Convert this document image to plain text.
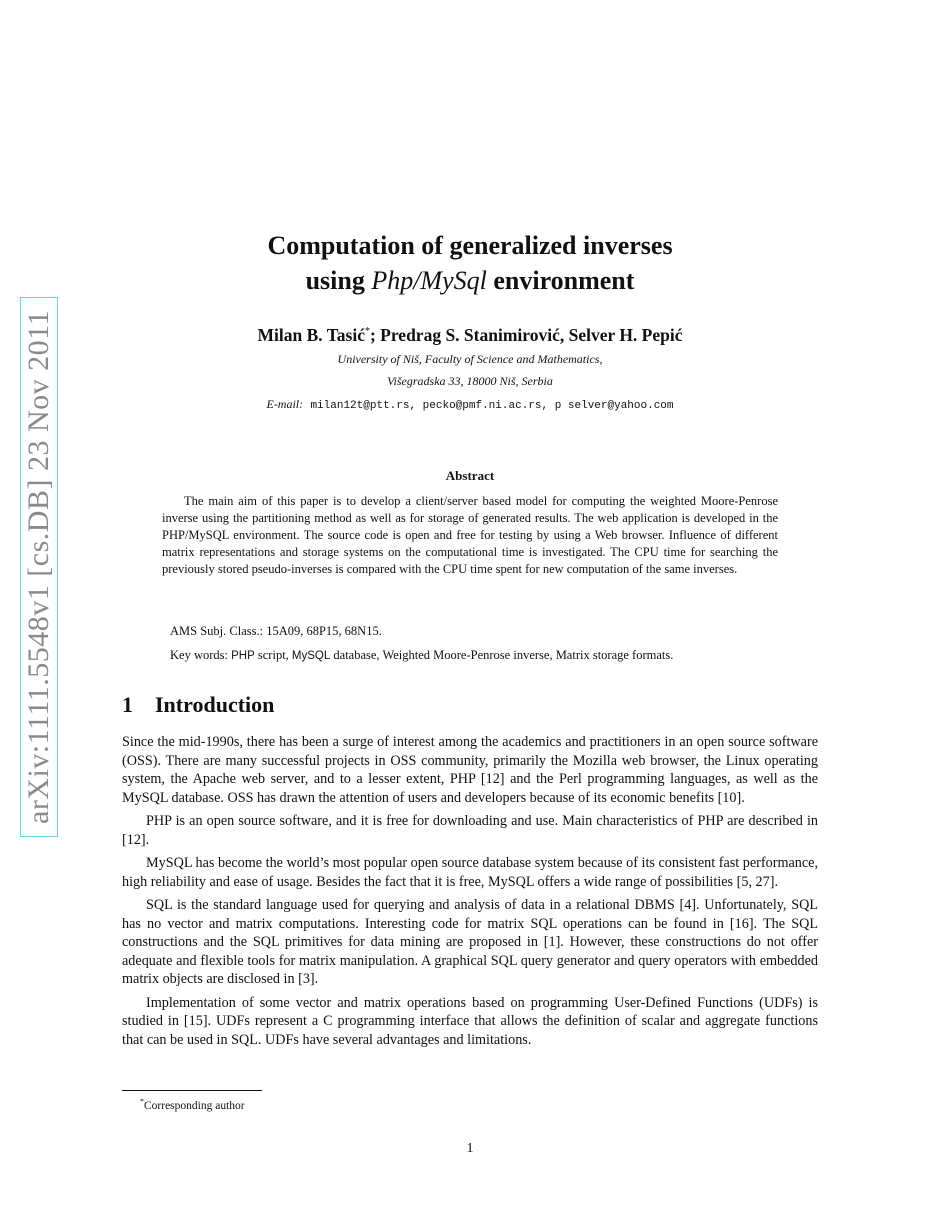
arXiv:1111.5548v1 [cs.DB] 23 Nov 2011
Computation of generalized inverses
using Php/MySql environment
Milan B. Tasić*; Predrag S. Stanimirović, Selver H. Pepić
University of Niš, Faculty of Science and Mathematics,
Višegradska 33, 18000 Niš, Serbia
E-mail: milan12t@ptt.rs, pecko@pmf.ni.ac.rs, p selver@yahoo.com
Abstract
The main aim of this paper is to develop a client/server based model for computing the weighted Moore-Penrose inverse using the partitioning method as well as for storage of generated results. The web application is developed in the PHP/MySQL environment. The source code is open and free for testing by using a Web browser. Influence of different matrix representations and storage systems on the computational time is investigated. The CPU time for searching the previously stored pseudo-inverses is compared with the CPU time spent for new computation of the same inverses.
AMS Subj. Class.: 15A09, 68P15, 68N15.
Key words: PHP script, MySQL database, Weighted Moore-Penrose inverse, Matrix storage formats.
1 Introduction

Since the mid-1990s, there has been a surge of interest among the academics and practitioners in an open source software (OSS). There are many successful projects in OSS community, primarily the Mozilla web browser, the Linux operating system, the Apache web server, and to a lesser extent, PHP [12] and the Perl programming languages, as well as the MySQL database. OSS has drawn the attention of users and developers because of its economic benefits [10].

PHP is an open source software, and it is free for downloading and use. Main characteristics of PHP are described in [12].

MySQL has become the world’s most popular open source database system because of its consistent fast performance, high reliability and ease of usage. Besides the fact that it is free, MySQL offers a wide range of possibilities [5, 27].

SQL is the standard language used for querying and analysis of data in a relational DBMS [4]. Unfortunately, SQL has no vector and matrix computations. Interesting code for matrix SQL operations can be found in [16]. The SQL constructions and the SQL primitives for data mining are proposed in [1]. However, these constructions do not offer adequate and flexible tools for matrix manipulation. A graphical SQL query generator and query operators with embedded matrix objects are disclosed in [3].

Implementation of some vector and matrix operations based on programming User-Defined Functions (UDFs) is studied in [15]. UDFs represent a C programming interface that allows the definition of scalar and aggregate functions that can be used in SQL. UDFs have several advantages and limitations.

*Corresponding author
1
